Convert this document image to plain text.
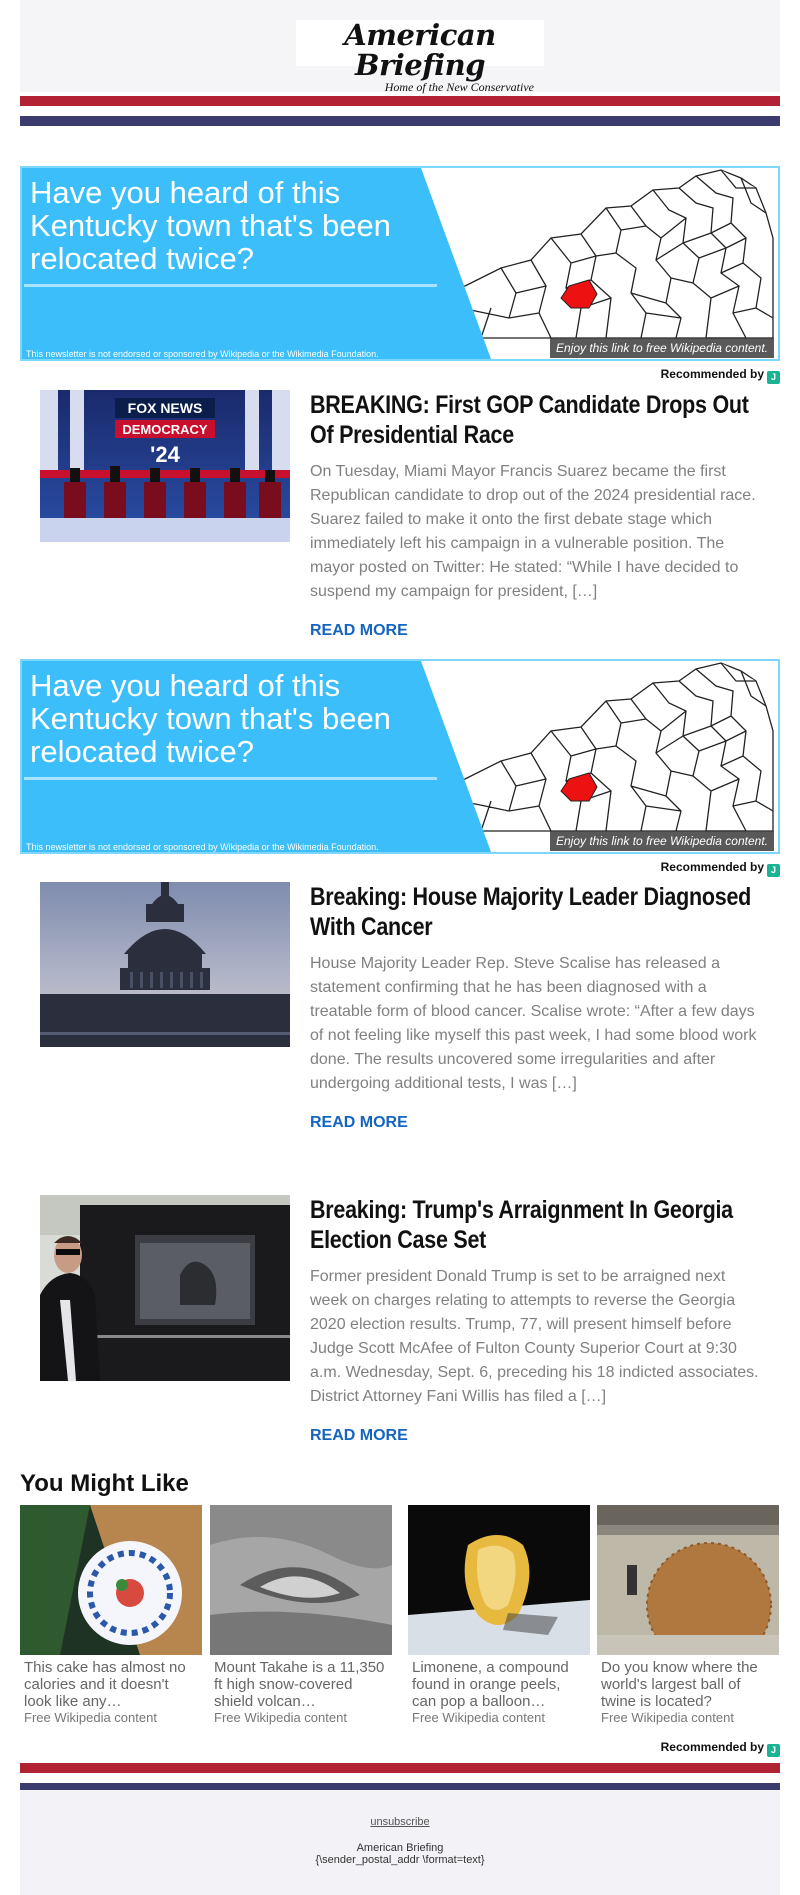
American Briefing
Home of the New Conservative
Have you heard of this Kentucky town that's been relocated twice?
This newsletter is not endorsed or sponsored by Wikipedia or the Wikimedia Foundation.	Enjoy this link to free Wikipedia content.
Recommended by J
FOX NEWS
DEMOCRACY
'24
BREAKING: First GOP Candidate Drops Out Of Presidential Race
On Tuesday, Miami Mayor Francis Suarez became the first Republican candidate to drop out of the 2024 presidential race. Suarez failed to make it onto the first debate stage which immediately left his campaign in a vulnerable position. The mayor posted on Twitter: He stated: “While I have decided to suspend my campaign for president, […]
READ MORE
Have you heard of this Kentucky town that's been relocated twice?
This newsletter is not endorsed or sponsored by Wikipedia or the Wikimedia Foundation.	Enjoy this link to free Wikipedia content.
Recommended by J
Breaking: House Majority Leader Diagnosed With Cancer
House Majority Leader Rep. Steve Scalise has released a statement confirming that he has been diagnosed with a treatable form of blood cancer. Scalise wrote: “After a few days of not feeling like myself this past week, I had some blood work done. The results uncovered some irregularities and after undergoing additional tests, I was […]
READ MORE
Breaking: Trump's Arraignment In Georgia Election Case Set
Former president Donald Trump is set to be arraigned next week on charges relating to attempts to reverse the Georgia 2020 election results. Trump, 77, will present himself before Judge Scott McAfee of Fulton County Superior Court at 9:30 a.m. Wednesday, Sept. 6, preceding his 18 indicted associates. District Attorney Fani Willis has filed a […]
READ MORE
You Might Like
This cake has almost no calories and it doesn't look like any…
Free Wikipedia content
Mount Takahe is a 11,350 ft high snow-covered shield volcan…
Free Wikipedia content
Limonene, a compound found in orange peels, can pop a balloon…
Free Wikipedia content
Do you know where the world's largest ball of twine is located?
Free Wikipedia content
Recommended by J
unsubscribe
American Briefing
{\sender_postal_addr \format=text}
